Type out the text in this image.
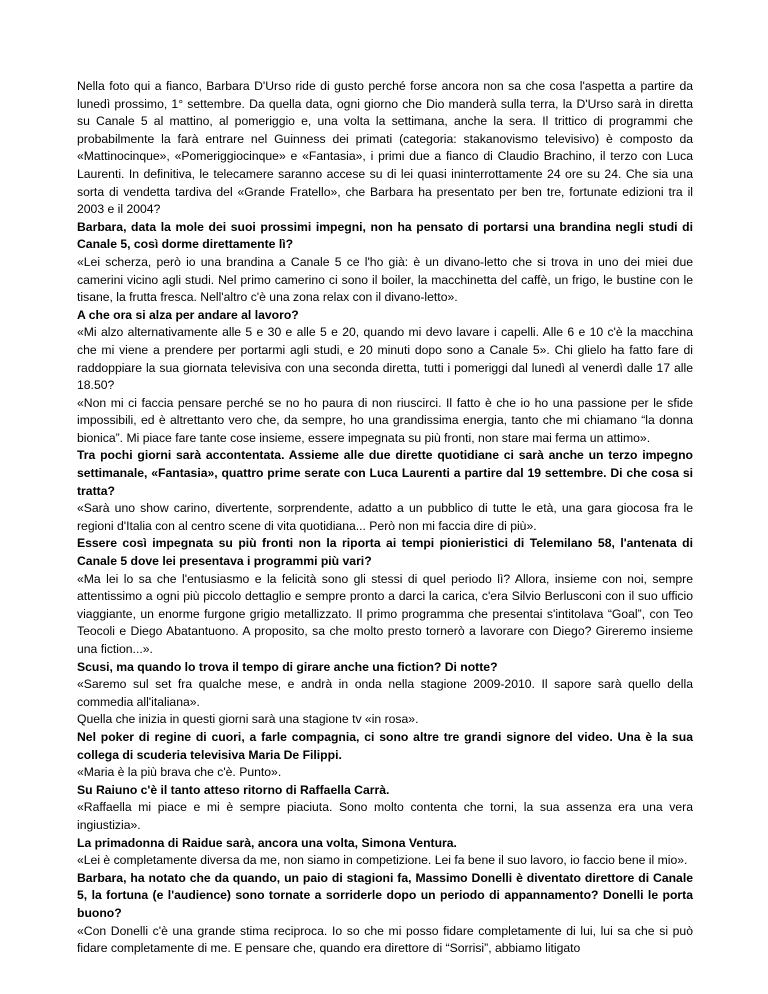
Nella foto qui a fianco, Barbara D'Urso ride di gusto perché forse ancora non sa che cosa l'aspetta a partire da lunedì prossimo, 1° settembre. Da quella data, ogni giorno che Dio manderà sulla terra, la D'Urso sarà in diretta su Canale 5 al mattino, al pomeriggio e, una volta la settimana, anche la sera. Il trittico di programmi che probabilmente la farà entrare nel Guinness dei primati (categoria: stakanovismo televisivo) è composto da «Mattinocinque», «Pomeriggiocinque» e «Fantasia», i primi due a fianco di Claudio Brachino, il terzo con Luca Laurenti. In definitiva, le telecamere saranno accese su di lei quasi ininterrottamente 24 ore su 24. Che sia una sorta di vendetta tardiva del «Grande Fratello», che Barbara ha presentato per ben tre, fortunate edizioni tra il 2003 e il 2004?

Barbara, data la mole dei suoi prossimi impegni, non ha pensato di portarsi una brandina negli studi di Canale 5, così dorme direttamente lì?

«Lei scherza, però io una brandina a Canale 5 ce l'ho già: è un divano-letto che si trova in uno dei miei due camerini vicino agli studi. Nel primo camerino ci sono il boiler, la macchinetta del caffè, un frigo, le bustine con le tisane, la frutta fresca. Nell'altro c'è una zona relax con il divano-letto».

A che ora si alza per andare al lavoro?

«Mi alzo alternativamente alle 5 e 30 e alle 5 e 20, quando mi devo lavare i capelli. Alle 6 e 10 c'è la macchina che mi viene a prendere per portarmi agli studi, e 20 minuti dopo sono a Canale 5». Chi glielo ha fatto fare di raddoppiare la sua giornata televisiva con una seconda diretta, tutti i pomeriggi dal lunedì al venerdì dalle 17 alle 18.50?

«Non mi ci faccia pensare perché se no ho paura di non riuscirci. Il fatto è che io ho una passione per le sfide impossibili, ed è altrettanto vero che, da sempre, ho una grandissima energia, tanto che mi chiamano “la donna bionica”. Mi piace fare tante cose insieme, essere impegnata su più fronti, non stare mai ferma un attimo».

Tra pochi giorni sarà accontentata. Assieme alle due dirette quotidiane ci sarà anche un terzo impegno settimanale, «Fantasia», quattro prime serate con Luca Laurenti a partire dal 19 settembre. Di che cosa si tratta?

«Sarà uno show carino, divertente, sorprendente, adatto a un pubblico di tutte le età, una gara giocosa fra le regioni d'Italia con al centro scene di vita quotidiana... Però non mi faccia dire di più».

Essere così impegnata su più fronti non la riporta ai tempi pionieristici di Telemilano 58, l'antenata di Canale 5 dove lei presentava i programmi più vari?

«Ma lei lo sa che l'entusiasmo e la felicità sono gli stessi di quel periodo lì? Allora, insieme con noi, sempre attentissimo a ogni più piccolo dettaglio e sempre pronto a darci la carica, c'era Silvio Berlusconi con il suo ufficio viaggiante, un enorme furgone grigio metallizzato. Il primo programma che presentai s'intitolava “Goal”, con Teo Teocoli e Diego Abatantuono. A proposito, sa che molto presto tornerò a lavorare con Diego? Gireremo insieme una fiction...».

Scusi, ma quando lo trova il tempo di girare anche una fiction? Di notte?

«Saremo sul set fra qualche mese, e andrà in onda nella stagione 2009-2010. Il sapore sarà quello della commedia all'italiana».

Quella che inizia in questi giorni sarà una stagione tv «in rosa».

Nel poker di regine di cuori, a farle compagnia, ci sono altre tre grandi signore del video. Una è la sua collega di scuderia televisiva Maria De Filippi.

«Maria è la più brava che c'è. Punto».

Su Raiuno c'è il tanto atteso ritorno di Raffaella Carrà.

«Raffaella mi piace e mi è sempre piaciuta. Sono molto contenta che torni, la sua assenza era una vera ingiustizia».

La primadonna di Raidue sarà, ancora una volta, Simona Ventura.

«Lei è completamente diversa da me, non siamo in competizione. Lei fa bene il suo lavoro, io faccio bene il mio».

Barbara, ha notato che da quando, un paio di stagioni fa, Massimo Donelli è diventato direttore di Canale 5, la fortuna (e l'audience) sono tornate a sorriderle dopo un periodo di appannamento? Donelli le porta buono?

«Con Donelli c'è una grande stima reciproca. Io so che mi posso fidare completamente di lui, lui sa che si può fidare completamente di me. E pensare che, quando era direttore di “Sorrisi”, abbiamo litigato
